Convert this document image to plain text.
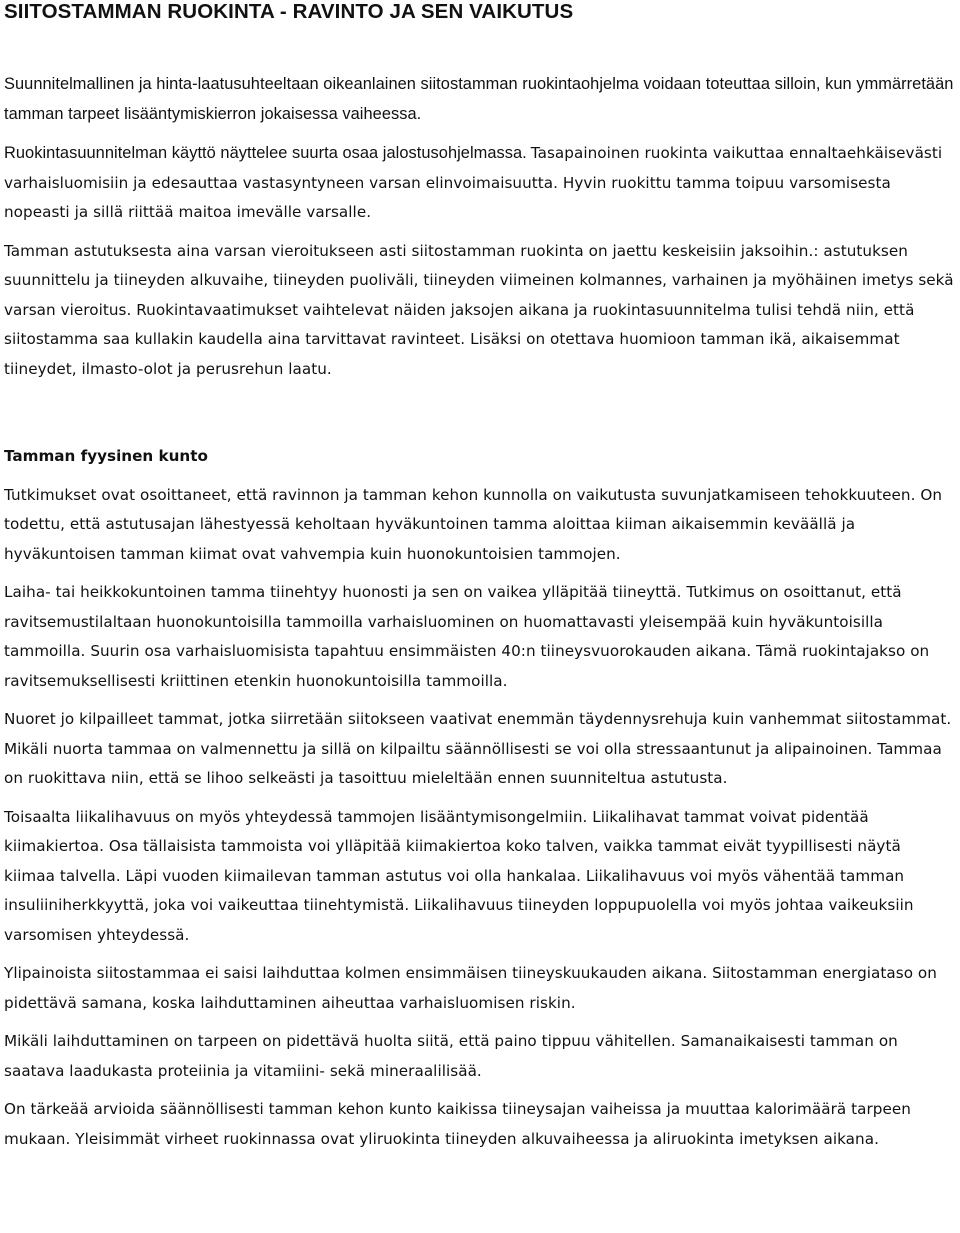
SIITOSTAMMAN RUOKINTA - RAVINTO JA SEN VAIKUTUS

Suunnitelmallinen ja hinta-laatusuhteeltaan oikeanlainen siitostamman ruokintaohjelma voidaan toteuttaa silloin, kun ymmärretään tamman tarpeet lisääntymiskierron jokaisessa vaiheessa.

Ruokintasuunnitelman käyttö näyttelee suurta osaa jalostusohjelmassa.

Tasapainoinen ruokinta vaikuttaa ennaltaehkäisevästi varhaisluomisiin ja edesauttaa vastasyntyneen varsan elinvoimaisuutta. Hyvin ruokittu tamma toipuu varsomisesta nopeasti ja sillä riittää maitoa imevälle varsalle.

Tamman astutuksesta aina varsan vieroitukseen asti siitostamman ruokinta on jaettu keskeisiin jaksoihin.: astutuksen suunnittelu ja tiineyden alkuvaihe, tiineyden puoliväli, tiineyden viimeinen kolmannes, varhainen ja myöhäinen imetys sekä varsan vieroitus. Ruokintavaatimukset vaihtelevat näiden jaksojen aikana ja ruokintasuunnitelma tulisi tehdä niin, että siitostamma saa kullakin kaudella aina tarvittavat ravinteet. Lisäksi on otettava huomioon tamman ikä, aikaisemmat tiineydet, ilmasto-olot ja perusrehun laatu.

Tamman fyysinen kunto

Tutkimukset ovat osoittaneet, että ravinnon ja tamman kehon kunnolla on vaikutusta suvunjatkamiseen tehokkuuteen. On todettu, että astutusajan lähestyessä keholtaan hyväkuntoinen tamma aloittaa kiiman aikaisemmin keväällä ja hyväkuntoisen tamman kiimat ovat vahvempia kuin huonokuntoisien tammojen.

Laiha- tai heikkokuntoinen tamma tiinehtyy huonosti ja sen on vaikea ylläpitää tiineyttä. Tutkimus on osoittanut, että ravitsemustilaltaan huonokuntoisilla tammoilla varhaisluominen on huomattavasti yleisempää kuin hyväkuntoisilla tammoilla. Suurin osa varhaisluomisista tapahtuu ensimmäisten 40:n tiineysvuorokauden aikana. Tämä ruokintajakso on ravitsemuksellisesti kriittinen etenkin huonokuntoisilla tammoilla.

Nuoret jo kilpailleet tammat, jotka siirretään siitokseen vaativat enemmän täydennysrehuja kuin vanhemmat siitostammat. Mikäli nuorta tammaa on valmennettu ja sillä on kilpailtu säännöllisesti se voi olla stressaantunut ja alipainoinen. Tammaa on ruokittava niin, että se lihoo selkeästi ja tasoittuu mieleltään ennen suunniteltua astutusta.

Toisaalta liikalihavuus on myös yhteydessä tammojen lisääntymisongelmiin. Liikalihavat tammat voivat pidentää kiimakiertoa. Osa tällaisista tammoista voi ylläpitää kiimakiertoa koko talven, vaikka tammat eivät tyypillisesti näytä kiimaa talvella. Läpi vuoden kiimailevan tamman astutus voi olla hankalaa. Liikalihavuus voi myös vähentää tamman insuliiniherkkyyttä, joka voi vaikeuttaa tiinehtymistä. Liikalihavuus tiineyden loppupuolella voi myös johtaa vaikeuksiin varsomisen yhteydessä.

Ylipainoista siitostammaa ei saisi laihduttaa kolmen ensimmäisen tiineyskuukauden aikana. Siitostamman energiataso on pidettävä samana, koska laihduttaminen aiheuttaa varhaisluomisen riskin.

Mikäli laihduttaminen on tarpeen on pidettävä huolta siitä, että paino tippuu vähitellen. Samanaikaisesti tamman on saatava laadukasta proteiinia ja vitamiini- sekä mineraalilisää.

On tärkeää arvioida säännöllisesti tamman kehon kunto kaikissa tiineysajan vaiheissa ja muuttaa kalorimäärä tarpeen mukaan. Yleisimmät virheet ruokinnassa ovat yliruokinta tiineyden alkuvaiheessa ja aliruokinta imetyksen aikana.
